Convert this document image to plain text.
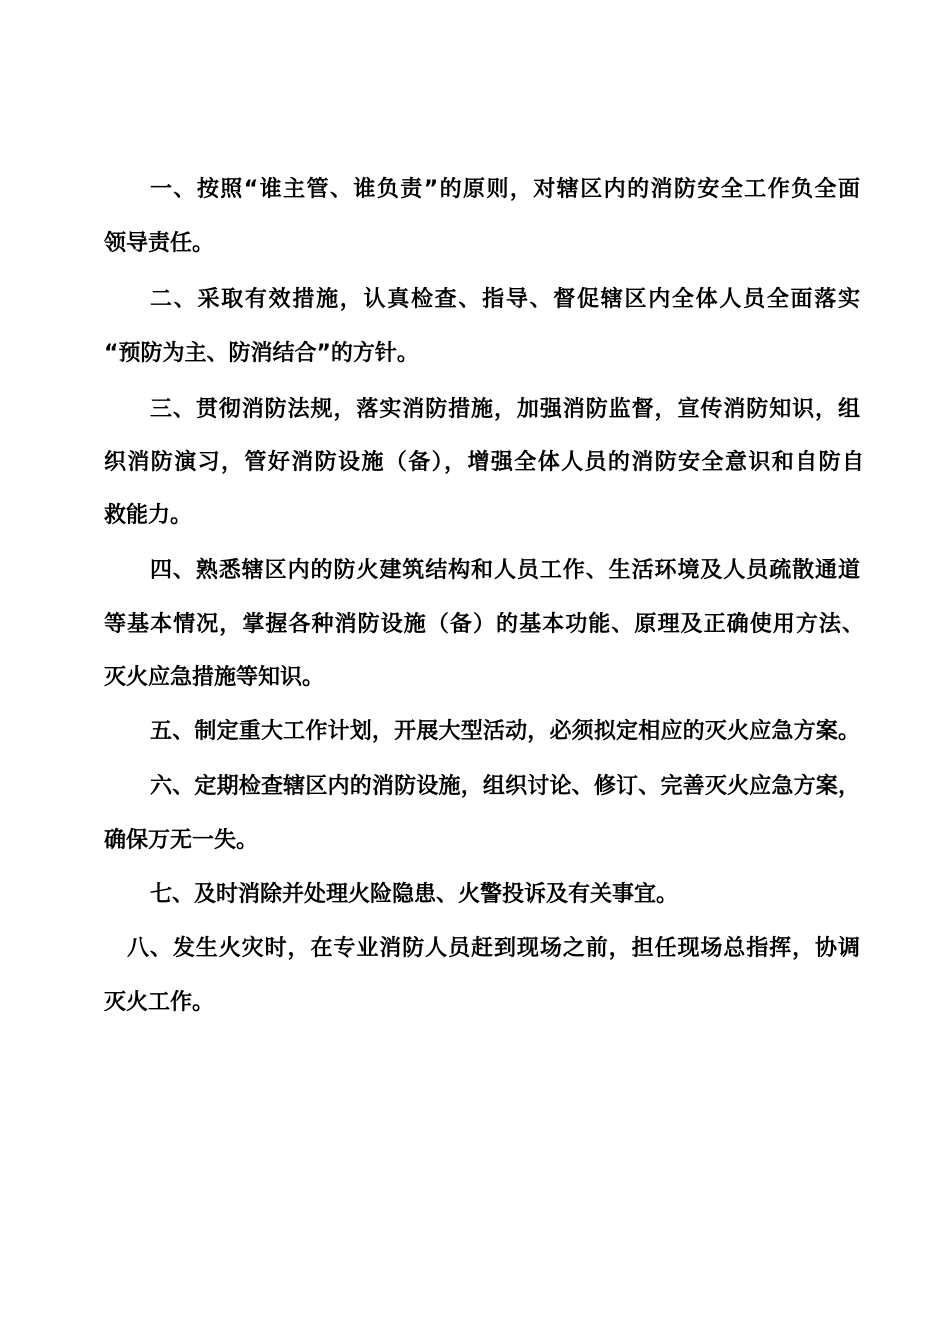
一、按照“谁主管、谁负责”的原则，对辖区内的消防安全工作负全面
领导责任。
二、采取有效措施，认真检查、指导、督促辖区内全体人员全面落实
“预防为主、防消结合”的方针。
三、贯彻消防法规，落实消防措施，加强消防监督，宣传消防知识，组
织消防演习，管好消防设施（备），增强全体人员的消防安全意识和自防自
救能力。
四、熟悉辖区内的防火建筑结构和人员工作、生活环境及人员疏散通道
等基本情况，掌握各种消防设施（备）的基本功能、原理及正确使用方法、
灭火应急措施等知识。
五、制定重大工作计划，开展大型活动，必须拟定相应的灭火应急方案。
六、定期检查辖区内的消防设施，组织讨论、修订、完善灭火应急方案，
确保万无一失。
七、及时消除并处理火险隐患、火警投诉及有关事宜。
八、发生火灾时，在专业消防人员赶到现场之前，担任现场总指挥，协调
灭火工作。
